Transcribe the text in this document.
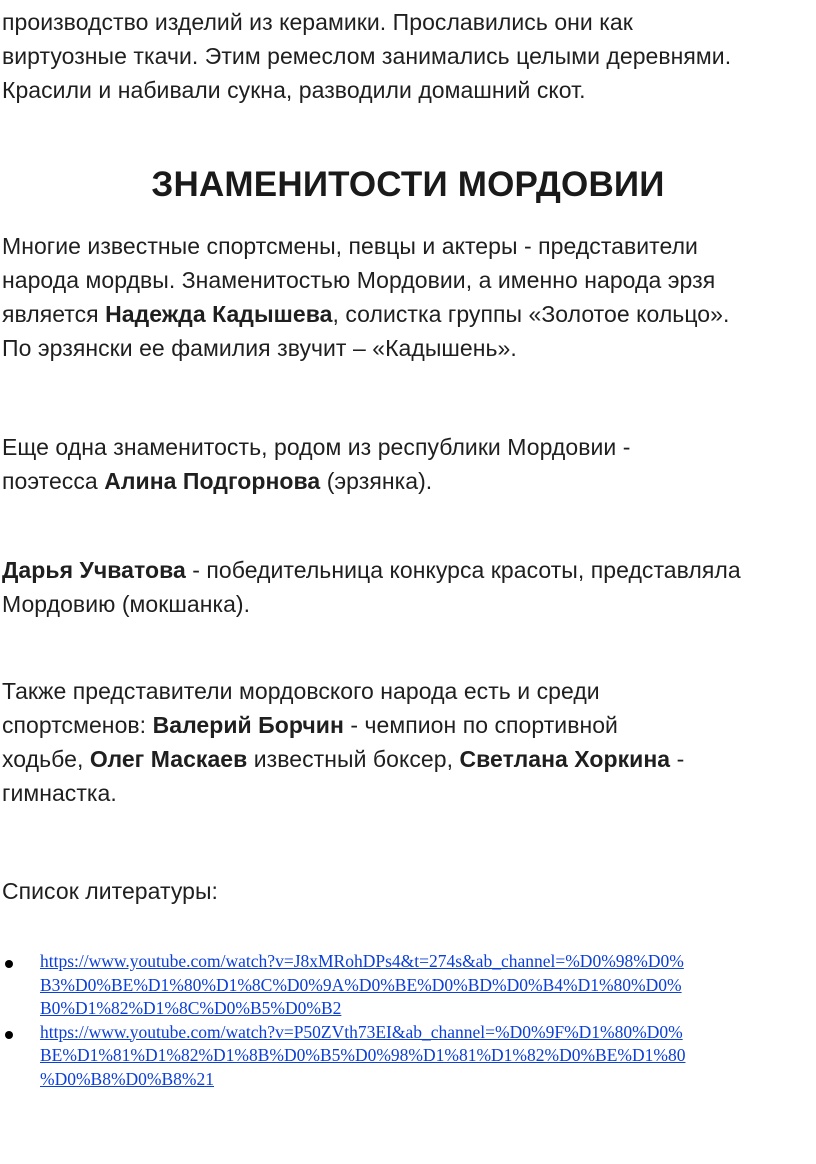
производство изделий из керамики. Прославились они как
виртуозные ткачи. Этим ремеслом занимались целыми деревнями.
Красили и набивали сукна, разводили домашний скот.

ЗНАМЕНИТОСТИ МОРДОВИИ

Многие известные спортсмены, певцы и актеры - представители
народа мордвы. Знаменитостью Мордовии, а именно народа эрзя
является Надежда Кадышева, солистка группы «Золотое кольцо».
По эрзянски ее фамилия звучит – «Кадышень».

Еще одна знаменитость, родом из республики Мордовии -
поэтесса Алина Подгорнова (эрзянка).

Дарья Учватова - победительница конкурса красоты, представляла
Мордовию (мокшанка).

Также представители мордовского народа есть и среди
спортсменов: Валерий Борчин - чемпион по спортивной
ходьбе, Олег Маскаев известный боксер, Светлана Хоркина -
гимнастка.

Список литературы:

https://www.youtube.com/watch?v=J8xMRohDPs4&t=274s&ab_channel=%D0%98%D0%
B3%D0%BE%D1%80%D1%8C%D0%9A%D0%BE%D0%BD%D0%B4%D1%80%D0%
B0%D1%82%D1%8C%D0%B5%D0%B2
https://www.youtube.com/watch?v=P50ZVth73EI&ab_channel=%D0%9F%D1%80%D0%
BE%D1%81%D1%82%D1%8B%D0%B5%D0%98%D1%81%D1%82%D0%BE%D1%80
%D0%B8%D0%B8%21
